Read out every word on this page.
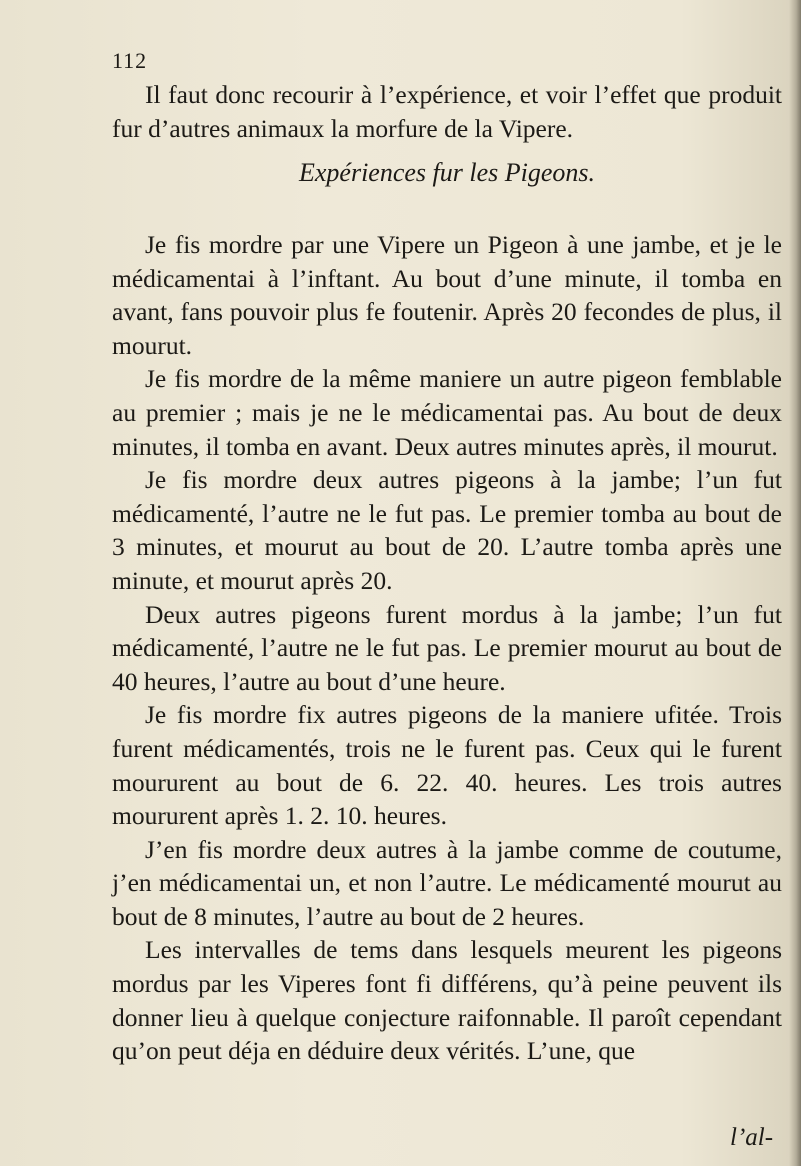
112
Il faut donc recourir à l’expérience, et voir l’effet que produit fur d’autres animaux la morfure de la Vipere.
Expériences fur les Pigeons.

Je fis mordre par une Vipere un Pigeon à une jambe, et je le médicamentai à l’inftant. Au bout d’une minute, il tomba en avant, fans pouvoir plus fe foutenir. Après 20 fecondes de plus, il mourut.

Je fis mordre de la même maniere un autre pigeon femblable au premier ; mais je ne le médicamentai pas. Au bout de deux minutes, il tomba en avant. Deux autres minutes après, il mourut.

Je fis mordre deux autres pigeons à la jambe; l’un fut médicamenté, l’autre ne le fut pas. Le premier tomba au bout de 3 minutes, et mourut au bout de 20. L’autre tomba après une minute, et mourut après 20.

Deux autres pigeons furent mordus à la jambe; l’un fut médicamenté, l’autre ne le fut pas. Le premier mourut au bout de 40 heures, l’autre au bout d’une heure.

Je fis mordre fix autres pigeons de la maniere ufitée. Trois furent médicamentés, trois ne le furent pas. Ceux qui le furent moururent au bout de 6. 22. 40. heures. Les trois autres moururent après 1. 2. 10. heures.

J’en fis mordre deux autres à la jambe comme de coutume, j’en médicamentai un, et non l’autre. Le médicamenté mourut au bout de 8 minutes, l’autre au bout de 2 heures.

Les intervalles de tems dans lesquels meurent les pigeons mordus par les Viperes font fi différens, qu’à peine peuvent ils donner lieu à quelque conjecture raifonnable. Il paroît cependant qu’on peut déja en déduire deux vérités. L’une, que

l’al-
